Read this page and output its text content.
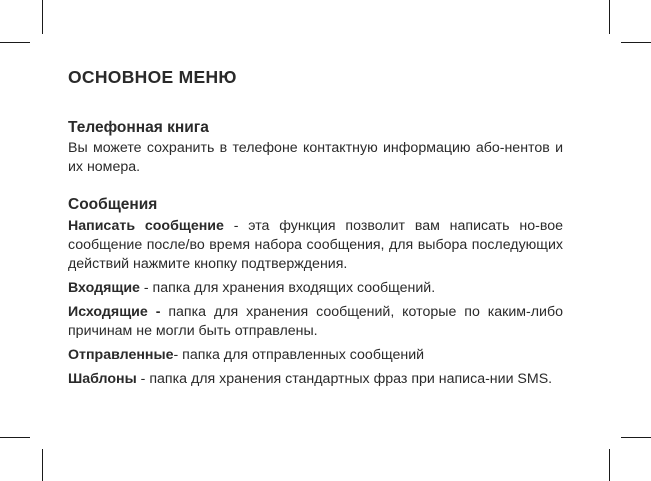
ОСНОВНОЕ МЕНЮ
Телефонная книга

Вы можете сохранить в телефоне контактную информацию або-нентов и их номера.

Сообщения

Написать сообщение - эта функция позволит вам написать но-вое сообщение после/во время набора сообщения, для выбора последующих действий нажмите кнопку подтверждения.

Входящие - папка для хранения входящих сообщений.

Исходящие - папка для хранения сообщений, которые по каким-либо причинам не могли быть отправлены.

Отправленные- папка для отправленных сообщений

Шаблоны - папка для хранения стандартных фраз при написа-нии SMS.
